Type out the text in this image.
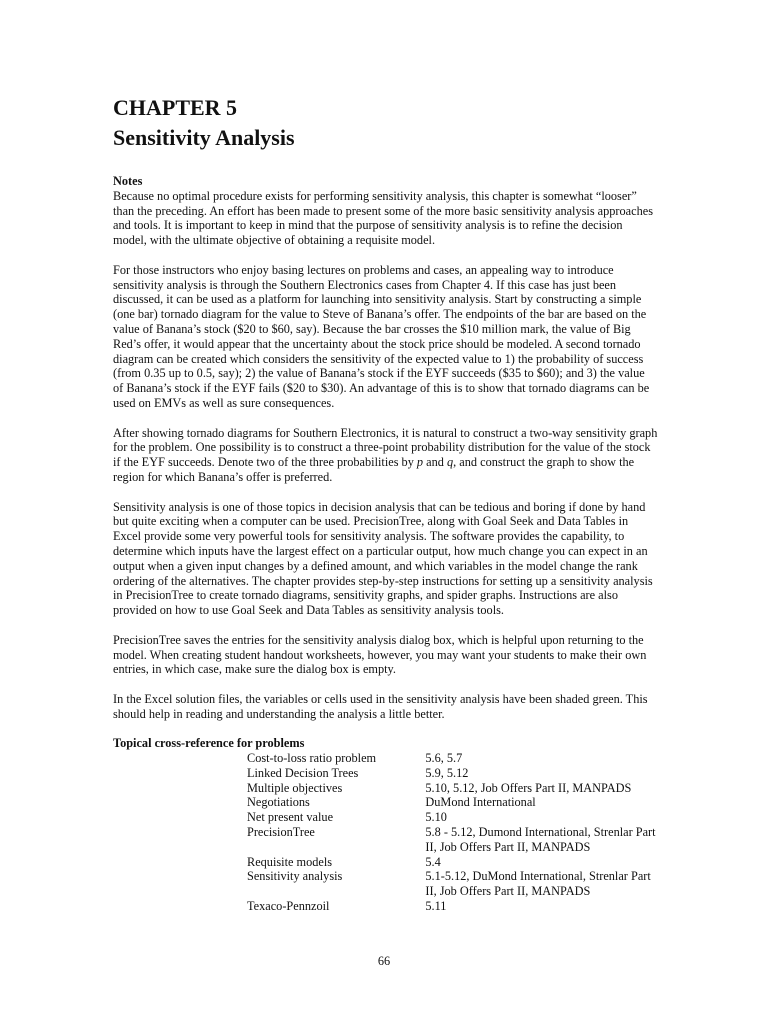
CHAPTER 5
Sensitivity Analysis

Notes

Because no optimal procedure exists for performing sensitivity analysis, this chapter is somewhat “looser” than the preceding. An effort has been made to present some of the more basic sensitivity analysis approaches and tools. It is important to keep in mind that the purpose of sensitivity analysis is to refine the decision model, with the ultimate objective of obtaining a requisite model.

For those instructors who enjoy basing lectures on problems and cases, an appealing way to introduce sensitivity analysis is through the Southern Electronics cases from Chapter 4. If this case has just been discussed, it can be used as a platform for launching into sensitivity analysis. Start by constructing a simple (one bar) tornado diagram for the value to Steve of Banana’s offer. The endpoints of the bar are based on the value of Banana’s stock ($20 to $60, say). Because the bar crosses the $10 million mark, the value of Big Red’s offer, it would appear that the uncertainty about the stock price should be modeled. A second tornado diagram can be created which considers the sensitivity of the expected value to 1) the probability of success (from 0.35 up to 0.5, say); 2) the value of Banana’s stock if the EYF succeeds ($35 to $60); and 3) the value of Banana’s stock if the EYF fails ($20 to $30). An advantage of this is to show that tornado diagrams can be used on EMVs as well as sure consequences.

After showing tornado diagrams for Southern Electronics, it is natural to construct a two-way sensitivity graph for the problem. One possibility is to construct a three-point probability distribution for the value of the stock if the EYF succeeds. Denote two of the three probabilities by p and q, and construct the graph to show the region for which Banana’s offer is preferred.

Sensitivity analysis is one of those topics in decision analysis that can be tedious and boring if done by hand but quite exciting when a computer can be used. PrecisionTree, along with Goal Seek and Data Tables in Excel provide some very powerful tools for sensitivity analysis. The software provides the capability, to determine which inputs have the largest effect on a particular output, how much change you can expect in an output when a given input changes by a defined amount, and which variables in the model change the rank ordering of the alternatives. The chapter provides step-by-step instructions for setting up a sensitivity analysis in PrecisionTree to create tornado diagrams, sensitivity graphs, and spider graphs. Instructions are also provided on how to use Goal Seek and Data Tables as sensitivity analysis tools.

PrecisionTree saves the entries for the sensitivity analysis dialog box, which is helpful upon returning to the model. When creating student handout worksheets, however, you may want your students to make their own entries, in which case, make sure the dialog box is empty.

In the Excel solution files, the variables or cells used in the sensitivity analysis have been shaded green. This should help in reading and understanding the analysis a little better.

Topical cross-reference for problems

Cost-to-loss ratio problem	5.6, 5.7
Linked Decision Trees	5.9, 5.12
Multiple objectives	5.10, 5.12, Job Offers Part II, MANPADS
Negotiations	DuMond International
Net present value	5.10
PrecisionTree	5.8 - 5.12, Dumond International, Strenlar Part II, Job Offers Part II, MANPADS
Requisite models	5.4
Sensitivity analysis	5.1-5.12, DuMond International, Strenlar Part II, Job Offers Part II, MANPADS
Texaco-Pennzoil	5.11
66
